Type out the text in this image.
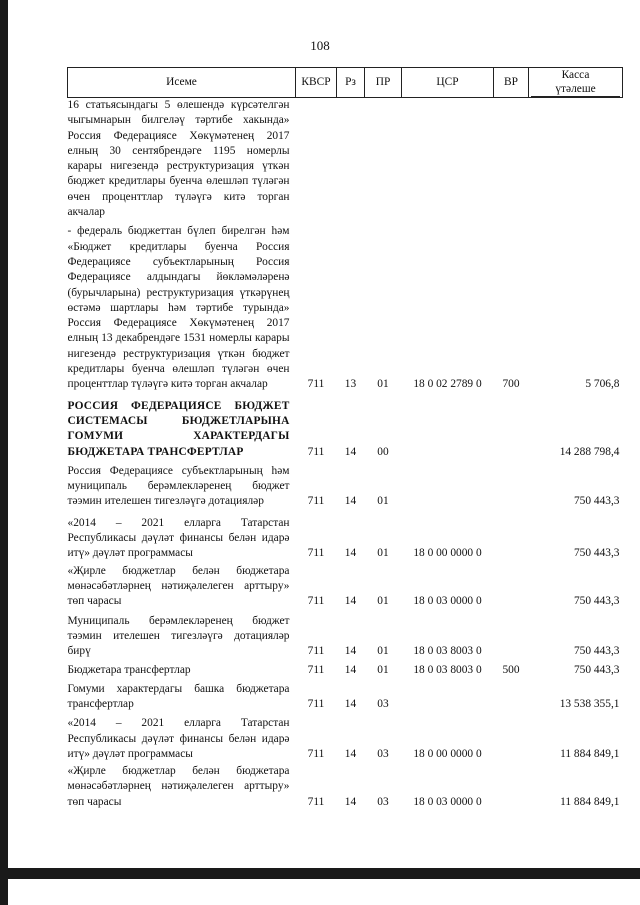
108
Исеме	КВСР	Рз	ПР	ЦСР	ВР	Касса
үтәлеше

16 статьясындагы 5 өлешендә күрсәтелгән чыгымнарын билгеләү тәртибе хакында» Россия Федерациясе Хөкүмәтенең 2017 елның 30 сентябрендәге 1195 номерлы карары нигезендә реструктуризация үткән бюджет кредитлары буенча өлешләп түләгән өчен проценттлар түләүгә китә торган акчалар						
- федераль бюджеттан бүлеп бирелгән һәм «Бюджет кредитлары буенча Россия Федерациясе субъектларының Россия Федерациясе алдындагы йөкләмәләренә (бурычларына) реструктуризация үткәрүнең өстәмә шартлары һәм тәртибе турында» Россия Федерациясе Хөкүмәтенең 2017 елның 13 декабрендәге 1531 номерлы карары нигезендә реструктуризация үткән бюджет кредитлары буенча өлешләп түләгән өчен проценттлар түләүгә китә торган акчалар	711	13	01	18 0 02 2789 0	700	5 706,8
РОССИЯ ФЕДЕРАЦИЯСЕ БЮДЖЕТ СИСТЕМАСЫ БЮДЖЕТЛАРЫНА ГОМУМИ ХАРАКТЕРДАГЫ БЮДЖЕТАРА ТРАНСФЕРТЛАР	711	14	00			14 288 798,4
Россия Федерациясе субъектларының һәм муниципаль берәмлекләренең бюджет тәэмин ителешен тигезләүгә дотацияләр	711	14	01			750 443,3
«2014 – 2021 елларга Татарстан Республикасы дәүләт финансы белән идарә итү» дәүләт программасы	711	14	01	18 0 00 0000 0		750 443,3
«Җирле бюджетлар белән бюджетара мөнәсәбәтләрнең нәтиҗәлелеген арттыру» төп чарасы	711	14	01	18 0 03 0000 0		750 443,3
Муниципаль берәмлекләренең бюджет тәэмин ителешен тигезләүгә дотацияләр бирү	711	14	01	18 0 03 8003 0		750 443,3
Бюджетара трансфертлар	711	14	01	18 0 03 8003 0	500	750 443,3
Гомуми характердагы башка бюджетара трансфертлар	711	14	03			13 538 355,1
«2014 – 2021 елларга Татарстан Республикасы дәүләт финансы белән идарә итү» дәүләт программасы	711	14	03	18 0 00 0000 0		11 884 849,1
«Җирле бюджетлар белән бюджетара мөнәсәбәтләрнең нәтиҗәлелеген арттыру» төп чарасы	711	14	03	18 0 03 0000 0		11 884 849,1
